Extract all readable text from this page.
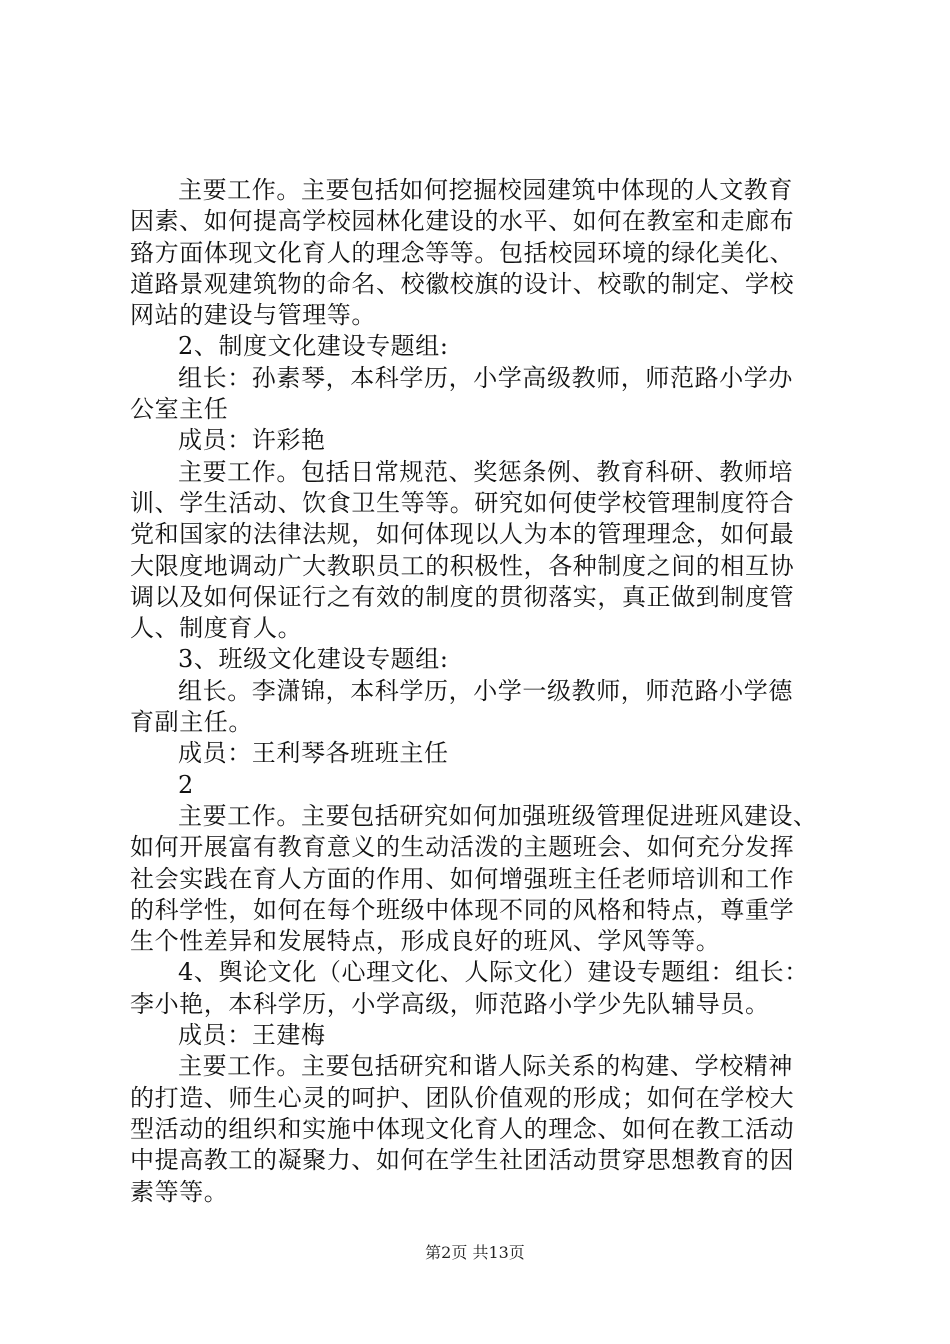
主要工作。主要包括如何挖掘校园建筑中体现的人文教育
因素、如何提高学校园林化建设的水平、如何在教室和走廊布
臵方面体现文化育人的理念等等。包括校园环境的绿化美化、
道路景观建筑物的命名、校徽校旗的设计、校歌的制定、学校
网站的建设与管理等。
2、制度文化建设专题组:
组长：孙素琴，本科学历，小学高级教师，师范路小学办
公室主任
成员：许彩艳
主要工作。包括日常规范、奖惩条例、教育科研、教师培
训、学生活动、饮食卫生等等。研究如何使学校管理制度符合
党和国家的法律法规，如何体现以人为本的管理理念，如何最
大限度地调动广大教职员工的积极性，各种制度之间的相互协
调以及如何保证行之有效的制度的贯彻落实，真正做到制度管
人、制度育人。
3、班级文化建设专题组:
组长。李潇锦，本科学历，小学一级教师，师范路小学德
育副主任。
成员：王利琴各班班主任
2
主要工作。主要包括研究如何加强班级管理促进班风建设、
如何开展富有教育意义的生动活泼的主题班会、如何充分发挥
社会实践在育人方面的作用、如何增强班主任老师培训和工作
的科学性，如何在每个班级中体现不同的风格和特点，尊重学
生个性差异和发展特点，形成良好的班风、学风等等。
4、舆论文化（心理文化、人际文化）建设专题组：组长：
李小艳，本科学历，小学高级，师范路小学少先队辅导员。
成员：王建梅
主要工作。主要包括研究和谐人际关系的构建、学校精神
的打造、师生心灵的呵护、团队价值观的形成；如何在学校大
型活动的组织和实施中体现文化育人的理念、如何在教工活动
中提高教工的凝聚力、如何在学生社团活动贯穿思想教育的因
素等等。
第2页 共13页
